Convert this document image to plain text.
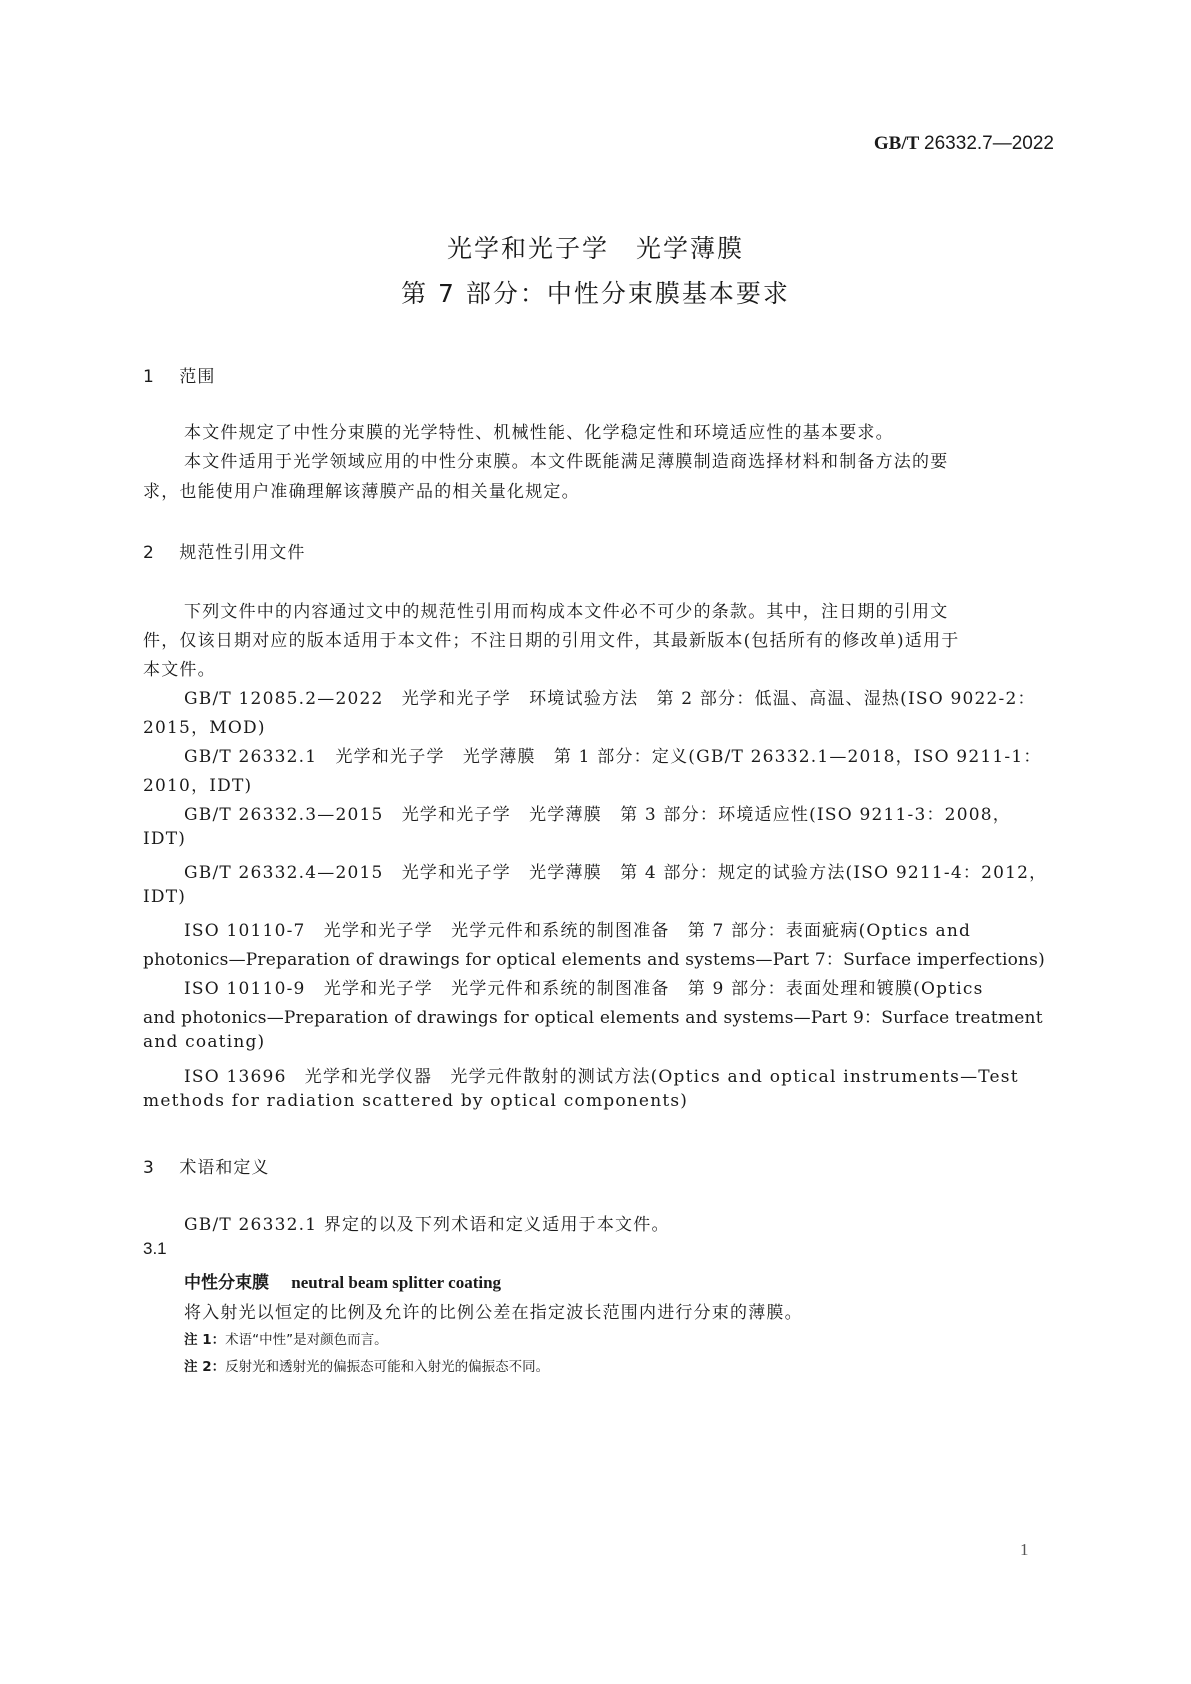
GB/T 26332.7—2022
光学和光子学　光学薄膜
第 7 部分：中性分束膜基本要求
1 范围
本文件规定了中性分束膜的光学特性、机械性能、化学稳定性和环境适应性的基本要求。
本文件适用于光学领域应用的中性分束膜。本文件既能满足薄膜制造商选择材料和制备方法的要
求，也能使用户准确理解该薄膜产品的相关量化规定。
2 规范性引用文件
下列文件中的内容通过文中的规范性引用而构成本文件必不可少的条款。其中，注日期的引用文
件，仅该日期对应的版本适用于本文件；不注日期的引用文件，其最新版本(包括所有的修改单)适用于
本文件。
GB/T 12085.2—2022　光学和光子学　环境试验方法　第 2 部分：低温、高温、湿热(ISO 9022-2：
2015，MOD)
GB/T 26332.1　光学和光子学　光学薄膜　第 1 部分：定义(GB/T 26332.1—2018，ISO 9211-1：
2010，IDT)
GB/T 26332.3—2015　光学和光子学　光学薄膜　第 3 部分：环境适应性(ISO 9211-3：2008，
IDT)
GB/T 26332.4—2015　光学和光子学　光学薄膜　第 4 部分：规定的试验方法(ISO 9211-4：2012，
IDT)
ISO 10110-7　光学和光子学　光学元件和系统的制图准备　第 7 部分：表面疵病(Optics and
photonics—Preparation of drawings for optical elements and systems—Part 7：Surface imperfections)
ISO 10110-9　光学和光子学　光学元件和系统的制图准备　第 9 部分：表面处理和镀膜(Optics
and photonics—Preparation of drawings for optical elements and systems—Part 9：Surface treatment
and coating)
ISO 13696　光学和光学仪器　光学元件散射的测试方法(Optics and optical instruments—Test
methods for radiation scattered by optical components)
3 术语和定义
GB/T 26332.1 界定的以及下列术语和定义适用于本文件。
3.1
中性分束膜 neutral beam splitter coating
将入射光以恒定的比例及允许的比例公差在指定波长范围内进行分束的薄膜。
注 1：术语“中性”是对颜色而言。
注 2：反射光和透射光的偏振态可能和入射光的偏振态不同。
1
